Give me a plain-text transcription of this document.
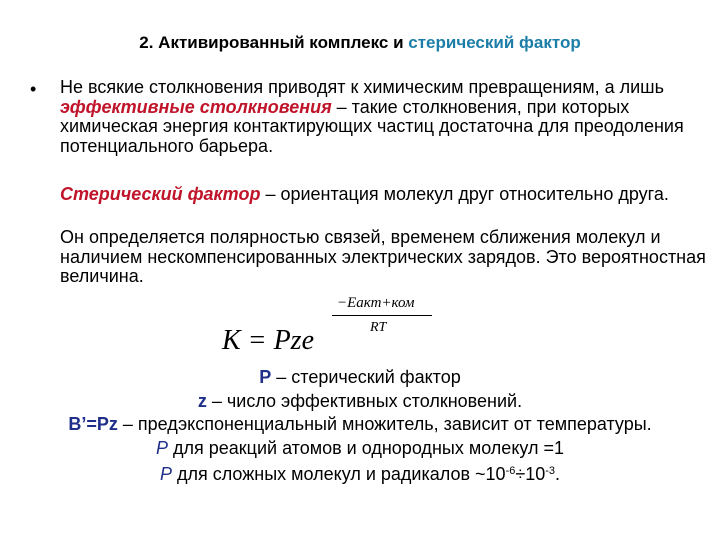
2. Активированный комплекс и стерический фактор
• Не всякие столкновения приводят к химическим превращениям, а лишь эффективные столкновения – такие столкновения, при которых химическая энергия контактирующих частиц достаточна для преодоления потенциального барьера.
Стерический фактор – ориентация молекул друг относительно друга.
Он определяется полярностью связей, временем сближения молекул и наличием нескомпенсированных электрических зарядов. Это вероятностная величина.
K = Pze
−Eакт+ком
RT
P – стерический фактор
z – число эффективных столкновений.
B’=Pz – предэкспоненциальный множитель, зависит от температуры.
P для реакций атомов и однородных молекул =1
P для сложных молекул и радикалов $\sim 10^{-6}\div 10^{-3}$.
